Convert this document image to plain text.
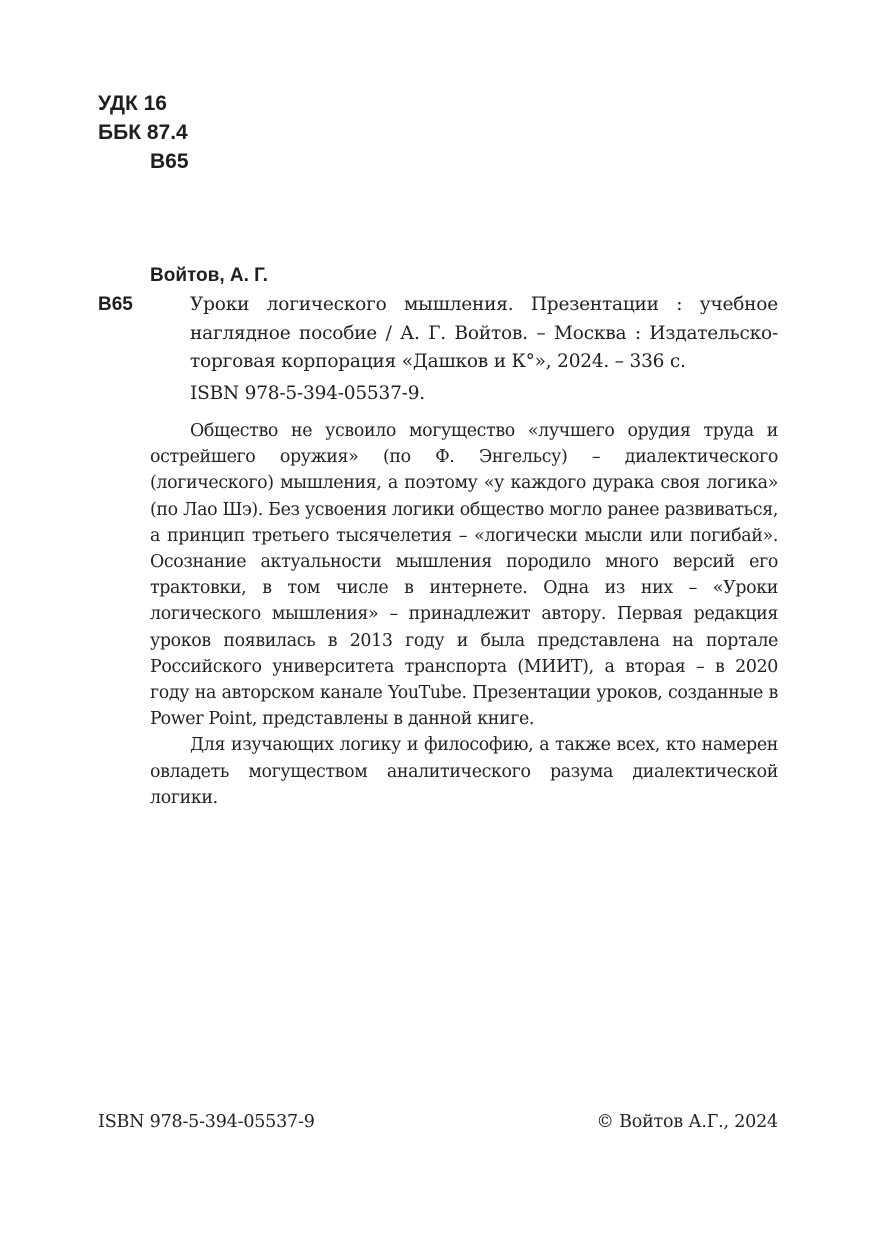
УДК 16
ББК 87.4
В65
Войтов, А. Г.
В65	Уроки логического мышления. Презентации : учебное наглядное пособие / А. Г. Войтов. – Москва : Издательско-торговая корпорация «Дашков и К°», 2024. – 336 с.
ISBN 978-5-394-05537-9.

Общество не усвоило могущество «лучшего орудия труда и острейшего оружия» (по Ф. Энгельсу) – диалектического (логического) мышления, а поэтому «у каждого дурака своя логика» (по Лао Шэ). Без усвоения логики общество могло ранее развиваться, а принцип третьего тысячелетия – «логически мысли или погибай». Осознание актуальности мышления породило много версий его трактовки, в том числе в интернете. Одна из них – «Уроки логического мышления» – принадлежит автору. Первая редакция уроков появилась в 2013 году и была представлена на портале Российского университета транспорта (МИИТ), а вторая – в 2020 году на авторском канале YouTube. Презентации уроков, созданные в Power Point, представлены в данной книге.

Для изучающих логику и философию, а также всех, кто намерен овладеть могуществом аналитического разума диалектической логики.

ISBN 978-5-394-05537-9	© Войтов А.Г., 2024
